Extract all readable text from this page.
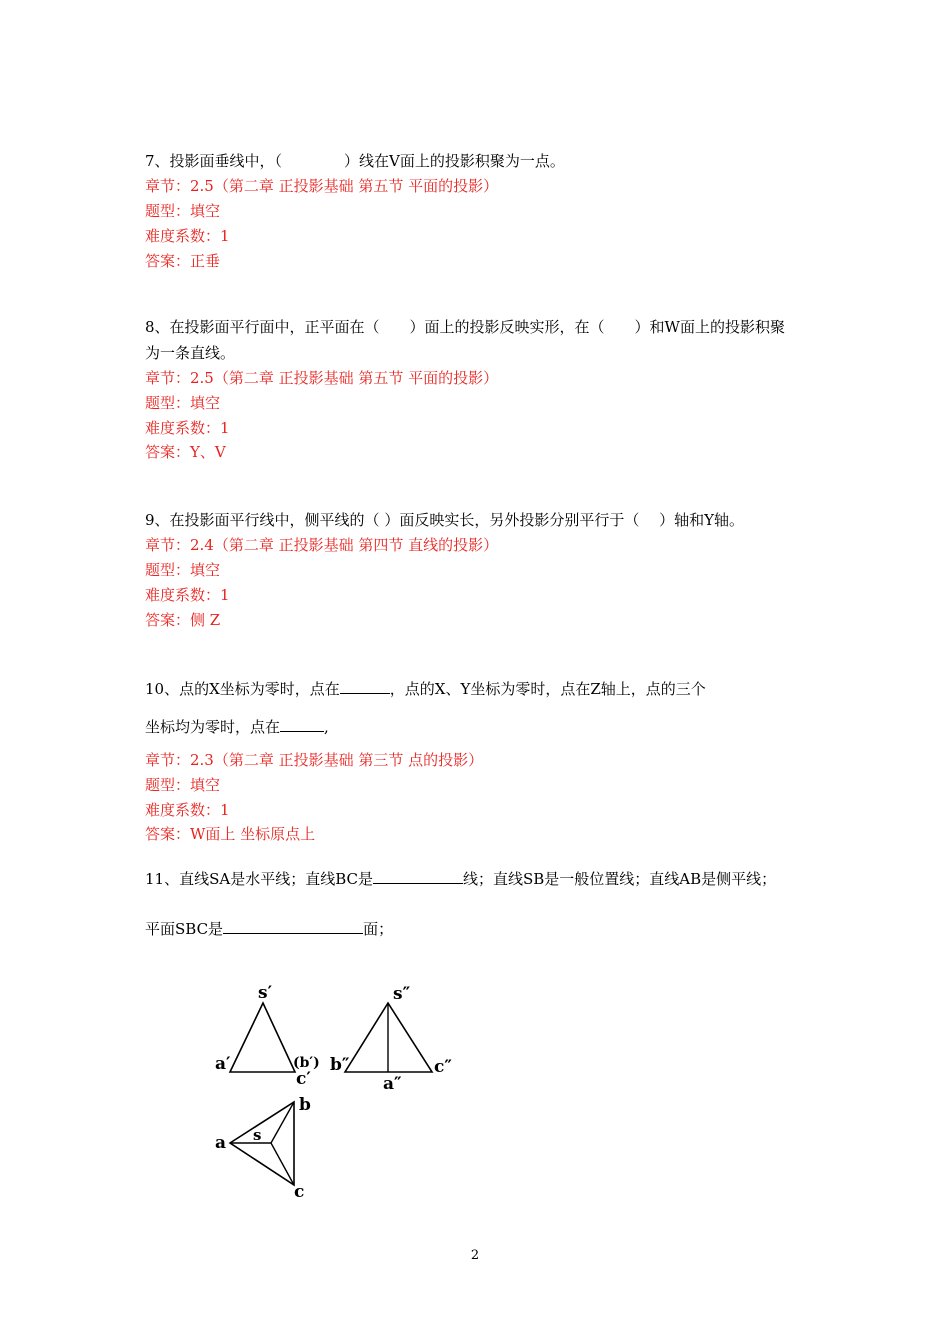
7、投影面垂线中，（	）线在V面上的投影积聚为一点。
章节：2.5（第二章 正投影基础 第五节 平面的投影）
题型：填空
难度系数：1
答案：正垂
8、在投影面平行面中，正平面在（　　）面上的投影反映实形，在（　　）和W面上的投影积聚
为一条直线。
章节：2.5（第二章 正投影基础 第五节 平面的投影）
题型：填空
难度系数：1
答案：Y、V
9、在投影面平行线中，侧平线的（ ）面反映实长，另外投影分别平行于（　 ）轴和Y轴。
章节：2.4（第二章 正投影基础 第四节 直线的投影）
题型：填空
难度系数：1
答案：侧 Z
10、点的X坐标为零时，点在	，点的X、Y坐标为零时，点在Z轴上，点的三个
坐标均为零时，点在	,
章节：2.3（第二章 正投影基础 第三节 点的投影）
题型：填空
难度系数：1
答案：W面上 坐标原点上
11、直线SA是水平线；直线BC是	线；直线SB是一般位置线；直线AB是侧平线；
平面SBC是	面；
s′
a′	(b′)
c′
s″
b″
a″
c″
a s
b
c
2
